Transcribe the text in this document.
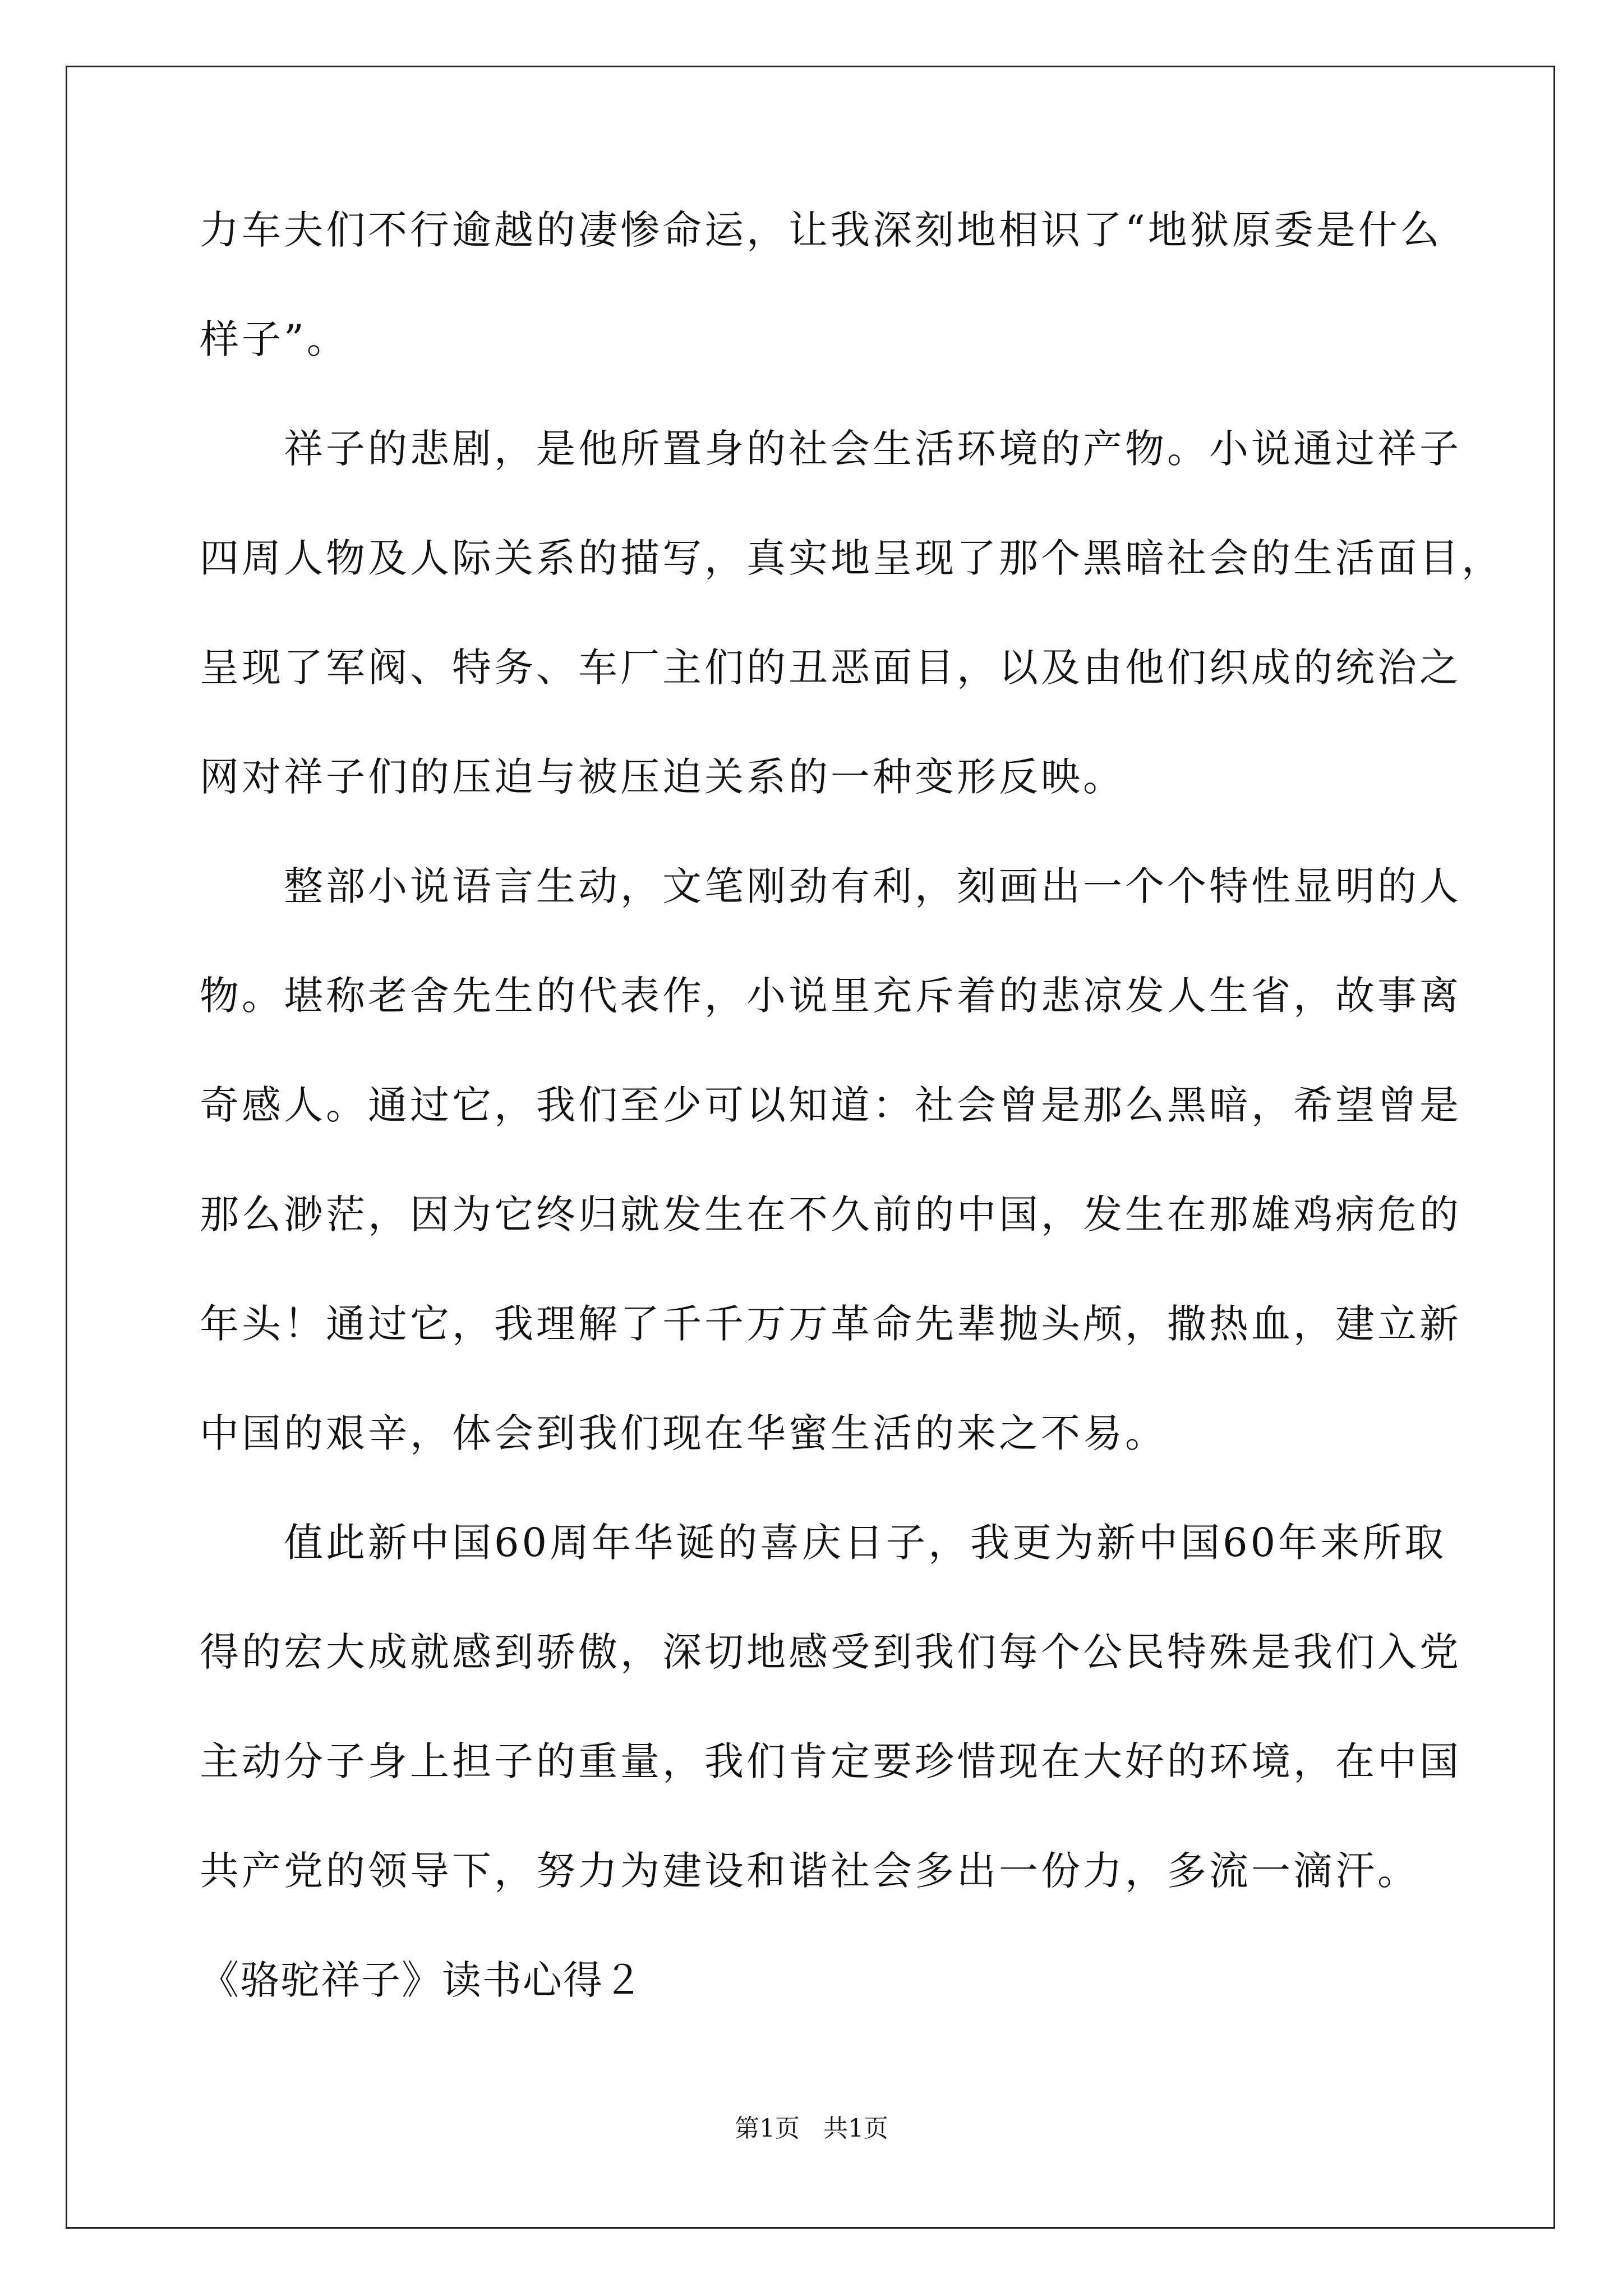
力车夫们不行逾越的凄惨命运，让我深刻地相识了“地狱原委是什么
样子”。
祥子的悲剧，是他所置身的社会生活环境的产物。小说通过祥子
四周人物及人际关系的描写，真实地呈现了那个黑暗社会的生活面目，
呈现了军阀、特务、车厂主们的丑恶面目，以及由他们织成的统治之
网对祥子们的压迫与被压迫关系的一种变形反映。
整部小说语言生动，文笔刚劲有利，刻画出一个个特性显明的人
物。堪称老舍先生的代表作，小说里充斥着的悲凉发人生省，故事离
奇感人。通过它，我们至少可以知道：社会曾是那么黑暗，希望曾是
那么渺茫，因为它终归就发生在不久前的中国，发生在那雄鸡病危的
年头！通过它，我理解了千千万万革命先辈抛头颅，撒热血，建立新
中国的艰辛，体会到我们现在华蜜生活的来之不易。
值此新中国60周年华诞的喜庆日子，我更为新中国60年来所取
得的宏大成就感到骄傲，深切地感受到我们每个公民特殊是我们入党
主动分子身上担子的重量，我们肯定要珍惜现在大好的环境，在中国
共产党的领导下，努力为建设和谐社会多出一份力，多流一滴汗。
《骆驼祥子》读书心得２
第1页   共1页
